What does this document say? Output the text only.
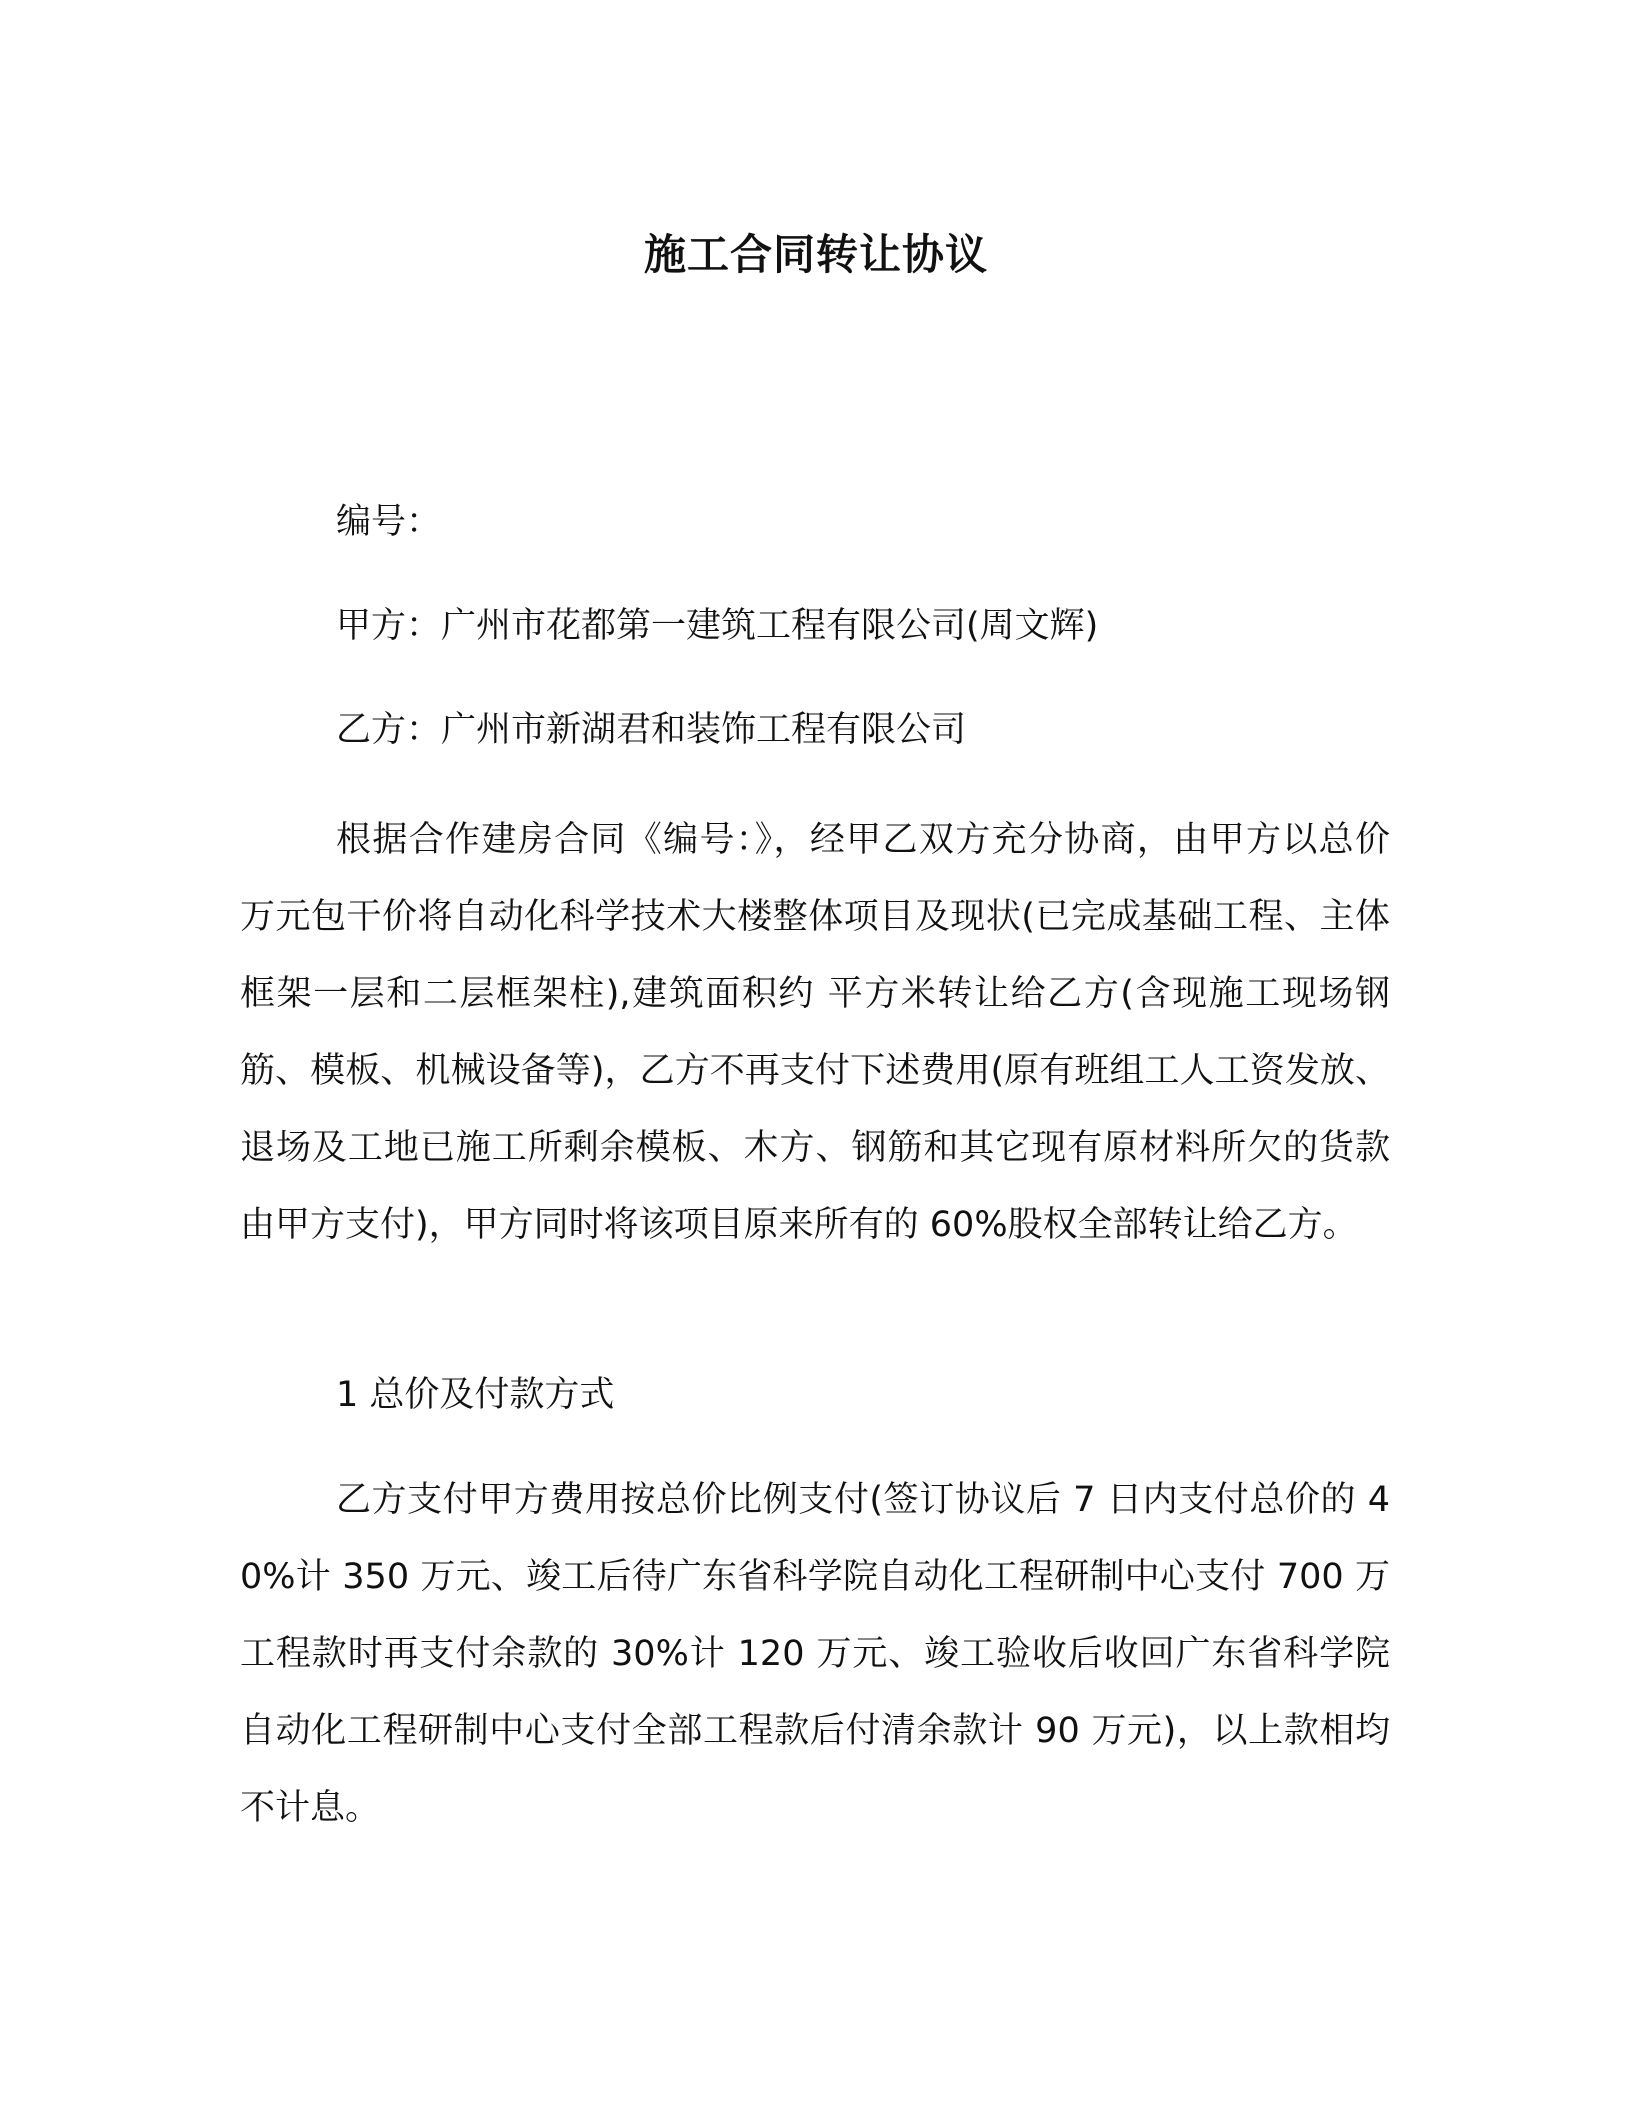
施工合同转让协议

编号：

甲方：广州市花都第一建筑工程有限公司(周文辉)

乙方：广州市新湖君和装饰工程有限公司

根据合作建房合同《编号：》，经甲乙双方充分协商，由甲方以总价 万元包干价将自动化科学技术大楼整体项目及现状(已完成基础工程、主体框架一层和二层框架柱),建筑面积约 平方米转让给乙方(含现施工现场钢筋、模板、机械设备等)，乙方不再支付下述费用(原有班组工人工资发放、退场及工地已施工所剩余模板、木方、钢筋和其它现有原材料所欠的货款由甲方支付)，甲方同时将该项目原来所有的 60%股权全部转让给乙方。

1 总价及付款方式

乙方支付甲方费用按总价比例支付(签订协议后 7 日内支付总价的 40%计 350 万元、竣工后待广东省科学院自动化工程研制中心支付 700 万工程款时再支付余款的 30%计 120 万元、竣工验收后收回广东省科学院自动化工程研制中心支付全部工程款后付清余款计 90 万元)，以上款相均不计息。
